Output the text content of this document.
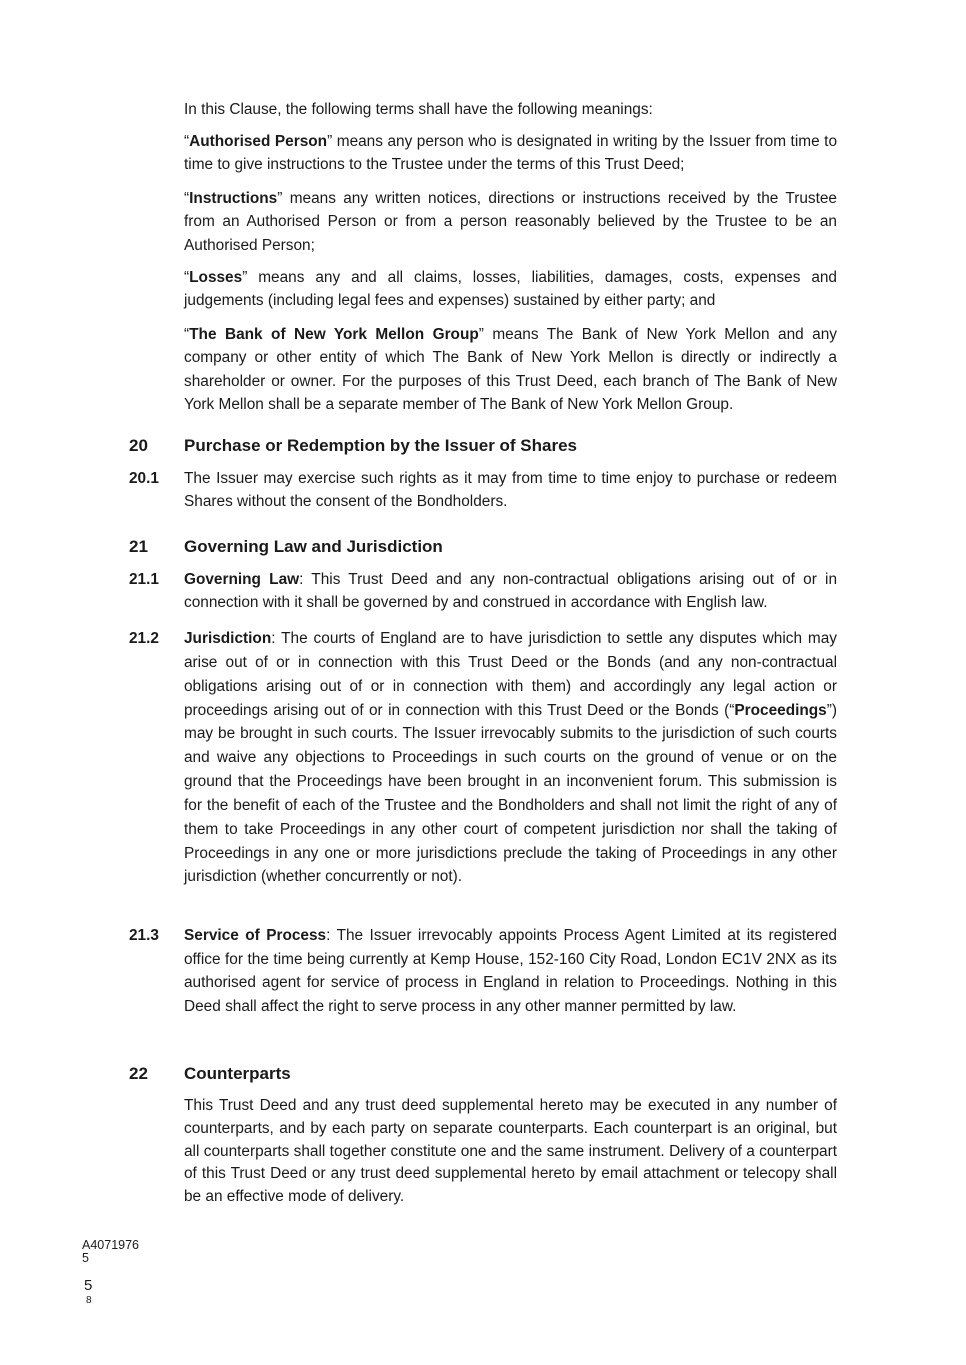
In this Clause, the following terms shall have the following meanings:

“Authorised Person” means any person who is designated in writing by the Issuer from time to time to give instructions to the Trustee under the terms of this Trust Deed;

“Instructions” means any written notices, directions or instructions received by the Trustee from an Authorised Person or from a person reasonably believed by the Trustee to be an Authorised Person;

“Losses” means any and all claims, losses, liabilities, damages, costs, expenses and judgements (including legal fees and expenses) sustained by either party; and

“The Bank of New York Mellon Group” means The Bank of New York Mellon and any company or other entity of which The Bank of New York Mellon is directly or indirectly a shareholder or owner. For the purposes of this Trust Deed, each branch of The Bank of New York Mellon shall be a separate member of The Bank of New York Mellon Group.

20 Purchase or Redemption by the Issuer of Shares
20.1 The Issuer may exercise such rights as it may from time to time enjoy to purchase or redeem Shares without the consent of the Bondholders.

21 Governing Law and Jurisdiction
21.1 Governing Law: This Trust Deed and any non-contractual obligations arising out of or in connection with it shall be governed by and construed in accordance with English law.

21.2 Jurisdiction: The courts of England are to have jurisdiction to settle any disputes which may arise out of or in connection with this Trust Deed or the Bonds (and any non-contractual obligations arising out of or in connection with them) and accordingly any legal action or proceedings arising out of or in connection with this Trust Deed or the Bonds (“Proceedings”) may be brought in such courts. The Issuer irrevocably submits to the jurisdiction of such courts and waive any objections to Proceedings in such courts on the ground of venue or on the ground that the Proceedings have been brought in an inconvenient forum. This submission is for the benefit of each of the Trustee and the Bondholders and shall not limit the right of any of them to take Proceedings in any other court of competent jurisdiction nor shall the taking of Proceedings in any one or more jurisdictions preclude the taking of Proceedings in any other jurisdiction (whether concurrently or not).

21.3 Service of Process: The Issuer irrevocably appoints Process Agent Limited at its registered office for the time being currently at Kemp House, 152-160 City Road, London EC1V 2NX as its authorised agent for service of process in England in relation to Proceedings. Nothing in this Deed shall affect the right to serve process in any other manner permitted by law.

22 Counterparts

This Trust Deed and any trust deed supplemental hereto may be executed in any number of counterparts, and by each party on separate counterparts. Each counterpart is an original, but all counterparts shall together constitute one and the same instrument. Delivery of a counterpart of this Trust Deed or any trust deed supplemental hereto by email attachment or telecopy shall be an effective mode of delivery.

A4071976
5
5
8
